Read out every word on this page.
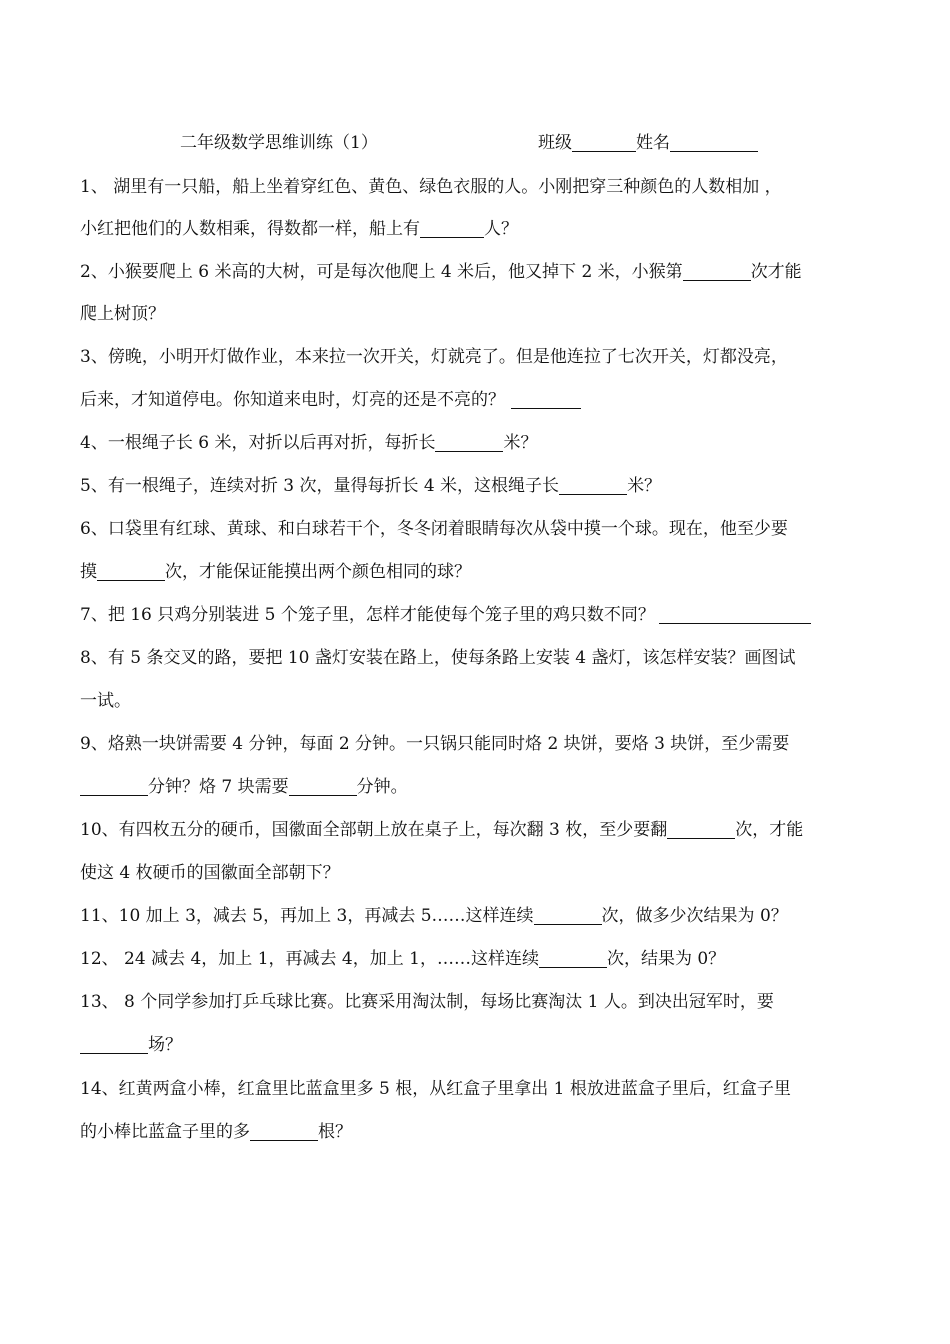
二年级数学思维训练（1）	班级	姓名
1、 湖里有一只船，船上坐着穿红色、黄色、绿色衣服的人。小刚把穿三种颜色的人数相加 ，
小红把他们的人数相乘，得数都一样，船上有	人？
2、小猴要爬上 6 米高的大树，可是每次他爬上 4 米后，他又掉下 2 米，小猴第	次才能
爬上树顶？
3、傍晚，小明开灯做作业，本来拉一次开关，灯就亮了。但是他连拉了七次开关，灯都没亮，
后来，才知道停电。你知道来电时，灯亮的还是不亮的？
4、一根绳子长 6 米，对折以后再对折，每折长	米？
5、有一根绳子，连续对折 3 次，量得每折长 4 米，这根绳子长	米？
6、口袋里有红球、黄球、和白球若干个，冬冬闭着眼睛每次从袋中摸一个球。现在，他至少要
摸	次，才能保证能摸出两个颜色相同的球？
7、把 16 只鸡分别装进 5 个笼子里，怎样才能使每个笼子里的鸡只数不同？
8、有 5 条交叉的路，要把 10 盏灯安装在路上，使每条路上安装 4 盏灯，该怎样安装？画图试
一试。
9、烙熟一块饼需要 4 分钟，每面 2 分钟。一只锅只能同时烙 2 块饼，要烙 3 块饼，至少需要
分钟？烙 7 块需要	分钟。
10、有四枚五分的硬币，国徽面全部朝上放在桌子上，每次翻 3 枚，至少要翻	次，才能
使这 4 枚硬币的国徽面全部朝下？
11、10 加上 3，减去 5，再加上 3，再减去 5……这样连续	次，做多少次结果为 0？
12、 24 减去 4，加上 1，再减去 4，加上 1，……这样连续	次，结果为 0？
13、 8 个同学参加打乒乓球比赛。比赛采用淘汰制，每场比赛淘汰 1 人。到决出冠军时，要
场？
14、红黄两盒小棒，红盒里比蓝盒里多 5 根，从红盒子里拿出 1 根放进蓝盒子里后，红盒子里
的小棒比蓝盒子里的多	根？
